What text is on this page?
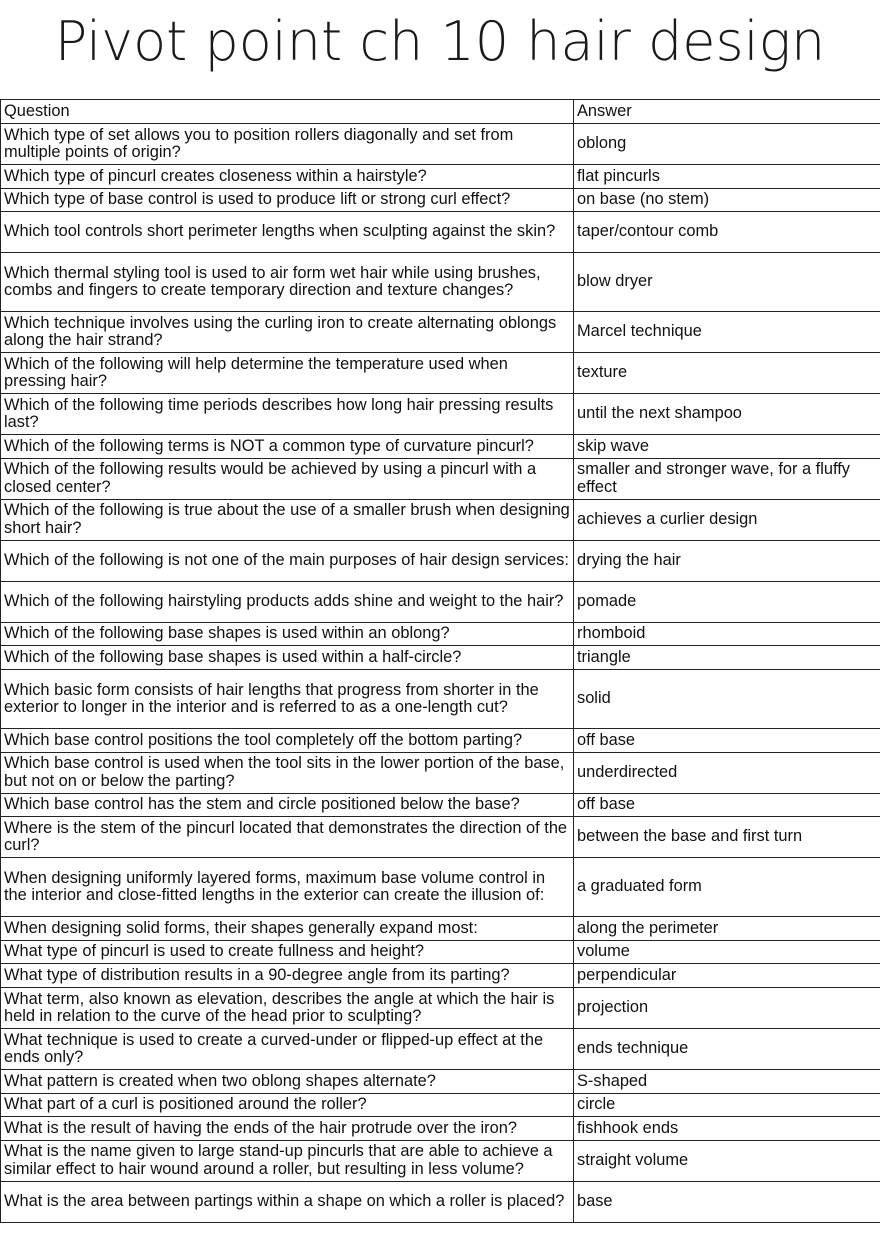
Pivot point ch 10 hair design
Question	Answer
Which type of set allows you to position rollers diagonally and set from multiple points of origin?	oblong
Which type of pincurl creates closeness within a hairstyle?	flat pincurls
Which type of base control is used to produce lift or strong curl effect?	on base (no stem)
Which tool controls short perimeter lengths when sculpting against the skin?	taper/contour comb
Which thermal styling tool is used to air form wet hair while using brushes, combs and fingers to create temporary direction and texture changes?	blow dryer
Which technique involves using the curling iron to create alternating oblongs along the hair strand?	Marcel technique
Which of the following will help determine the temperature used when pressing hair?	texture
Which of the following time periods describes how long hair pressing results last?	until the next shampoo
Which of the following terms is NOT a common type of curvature pincurl?	skip wave
Which of the following results would be achieved by using a pincurl with a closed center?	smaller and stronger wave, for a fluffy effect
Which of the following is true about the use of a smaller brush when designing short hair?	achieves a curlier design
Which of the following is not one of the main purposes of hair design services:	drying the hair
Which of the following hairstyling products adds shine and weight to the hair?	pomade
Which of the following base shapes is used within an oblong?	rhomboid
Which of the following base shapes is used within a half-circle?	triangle
Which basic form consists of hair lengths that progress from shorter in the exterior to longer in the interior and is referred to as a one-length cut?	solid
Which base control positions the tool completely off the bottom parting?	off base
Which base control is used when the tool sits in the lower portion of the base, but not on or below the parting?	underdirected
Which base control has the stem and circle positioned below the base?	off base
Where is the stem of the pincurl located that demonstrates the direction of the curl?	between the base and first turn
When designing uniformly layered forms, maximum base volume control in the interior and close-fitted lengths in the exterior can create the illusion of:	a graduated form
When designing solid forms, their shapes generally expand most:	along the perimeter
What type of pincurl is used to create fullness and height?	volume
What type of distribution results in a 90-degree angle from its parting?	perpendicular
What term, also known as elevation, describes the angle at which the hair is held in relation to the curve of the head prior to sculpting?	projection
What technique is used to create a curved-under or flipped-up effect at the ends only?	ends technique
What pattern is created when two oblong shapes alternate?	S-shaped
What part of a curl is positioned around the roller?	circle
What is the result of having the ends of the hair protrude over the iron?	fishhook ends
What is the name given to large stand-up pincurls that are able to achieve a similar effect to hair wound around a roller, but resulting in less volume?	straight volume
What is the area between partings within a shape on which a roller is placed?	base
